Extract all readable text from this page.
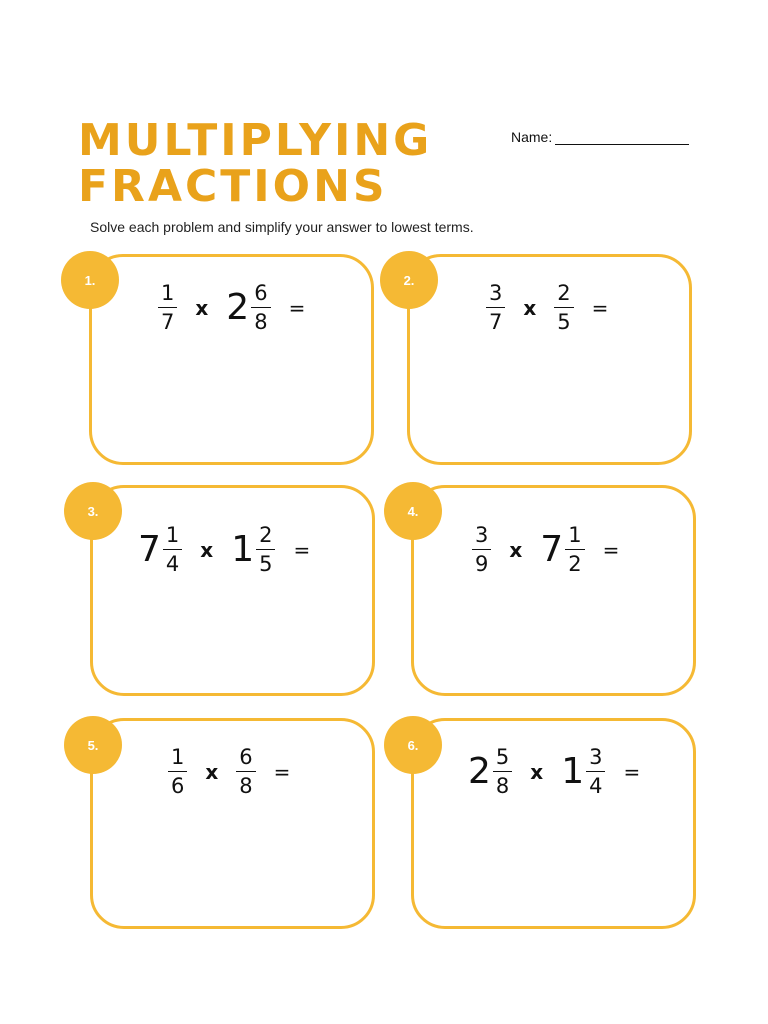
MULTIPLYING
FRACTIONS
Name:
Solve each problem and simplify your answer to lowest terms.
1.
$\frac{1}{7}$ x $2 \frac{6}{8}$ =
2.
$\frac{3}{7}$ x $\frac{2}{5}$ =
3.
$7 \frac{1}{4}$ x $1 \frac{2}{5}$ =
4.
$\frac{3}{9}$ x $7 \frac{1}{2}$ =
5.
$\frac{1}{6}$ x $\frac{6}{8}$ =
6.
$2 \frac{5}{8}$ x $1 \frac{3}{4}$ =
